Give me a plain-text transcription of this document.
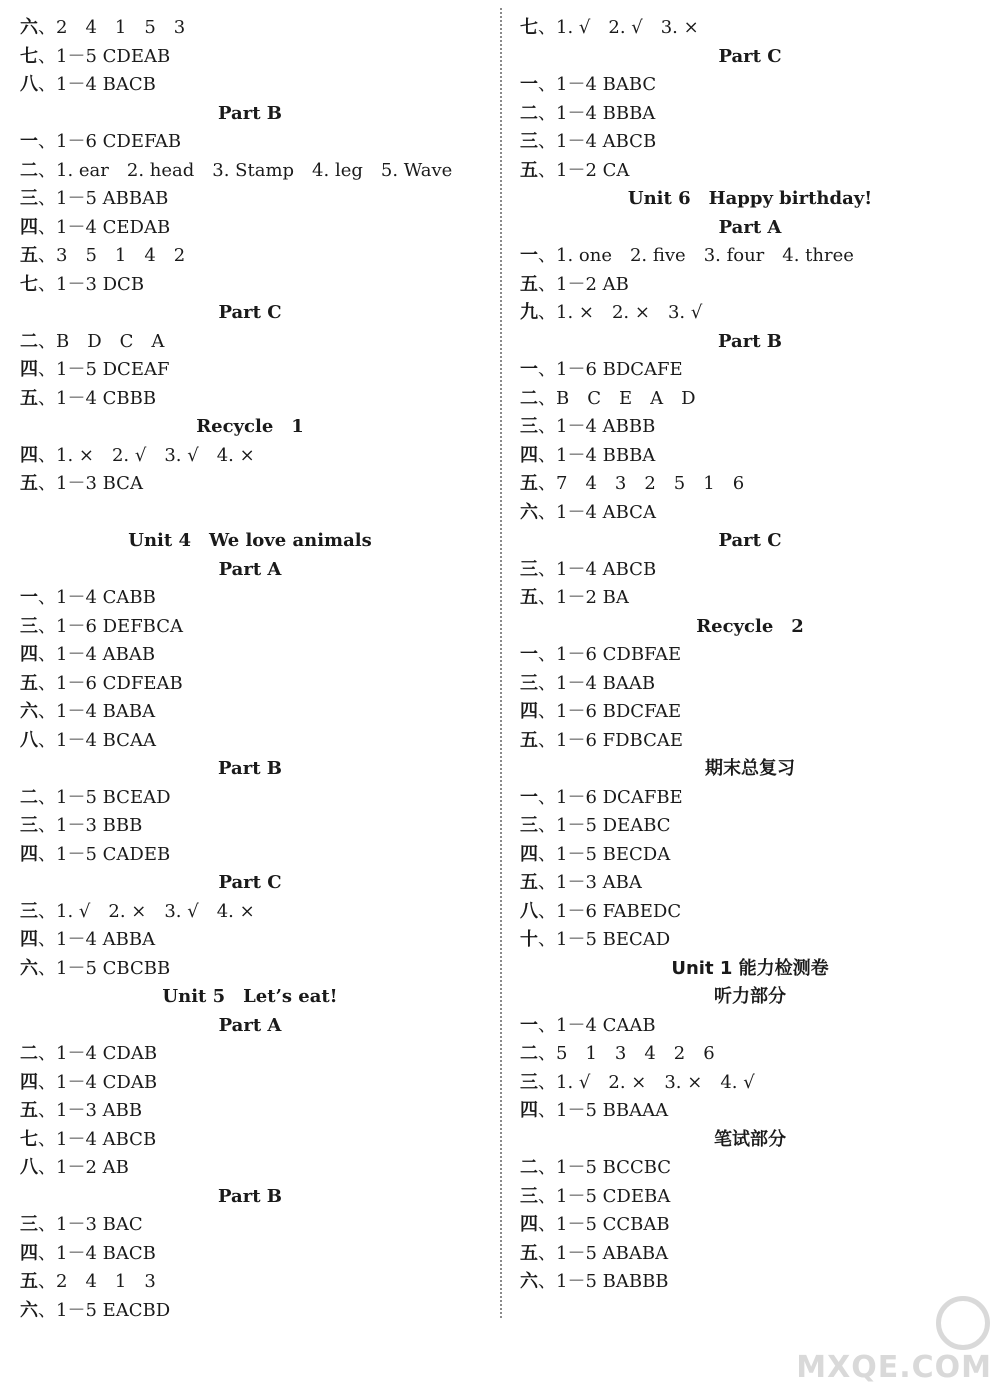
六、2　4　1　5　3
七、1－5 CDEAB
八、1－4 BACB
Part B
一、1－6 CDEFAB
二、1. ear　2. head　3. Stamp　4. leg　5. Wave
三、1－5 ABBAB
四、1－4 CEDAB
五、3　5　1　4　2
七、1－3 DCB
Part C
二、B　D　C　A
四、1－5 DCEAF
五、1－4 CBBB
Recycle　1
四、1. ×　2. √　3. √　4. ×
五、1－3 BCA
Unit 4　We love animals
Part A
一、1－4 CABB
三、1－6 DEFBCA
四、1－4 ABAB
五、1－6 CDFEAB
六、1－4 BABA
八、1－4 BCAA
Part B
二、1－5 BCEAD
三、1－3 BBB
四、1－5 CADEB
Part C
三、1. √　2. ×　3. √　4. ×
四、1－4 ABBA
六、1－5 CBCBB
Unit 5　Let’s eat!
Part A
二、1－4 CDAB
四、1－4 CDAB
五、1－3 ABB
七、1－4 ABCB
八、1－2 AB
Part B
三、1－3 BAC
四、1－4 BACB
五、2　4　1　3
六、1－5 EACBD
七、1. √　2. √　3. ×
Part C
一、1－4 BABC
二、1－4 BBBA
三、1－4 ABCB
五、1－2 CA
Unit 6　Happy birthday!
Part A
一、1. one　2. five　3. four　4. three
五、1－2 AB
九、1. ×　2. ×　3. √
Part B
一、1－6 BDCAFE
二、B　C　E　A　D
三、1－4 ABBB
四、1－4 BBBA
五、7　4　3　2　5　1　6
六、1－4 ABCA
Part C
三、1－4 ABCB
五、1－2 BA
Recycle　2
一、1－6 CDBFAE
三、1－4 BAAB
四、1－6 BDCFAE
五、1－6 FDBCAE
期末总复习
一、1－6 DCAFBE
三、1－5 DEABC
四、1－5 BECDA
五、1－3 ABA
八、1－6 FABEDC
十、1－5 BECAD
Unit 1 能力检测卷
听力部分
一、1－4 CAAB
二、5　1　3　4　2　6
三、1. √　2. ×　3. ×　4. √
四、1－5 BBAAA
笔试部分
二、1－5 BCCBC
三、1－5 CDEBA
四、1－5 CCBAB
五、1－5 ABABA
六、1－5 BABBB
MXQE.COM
